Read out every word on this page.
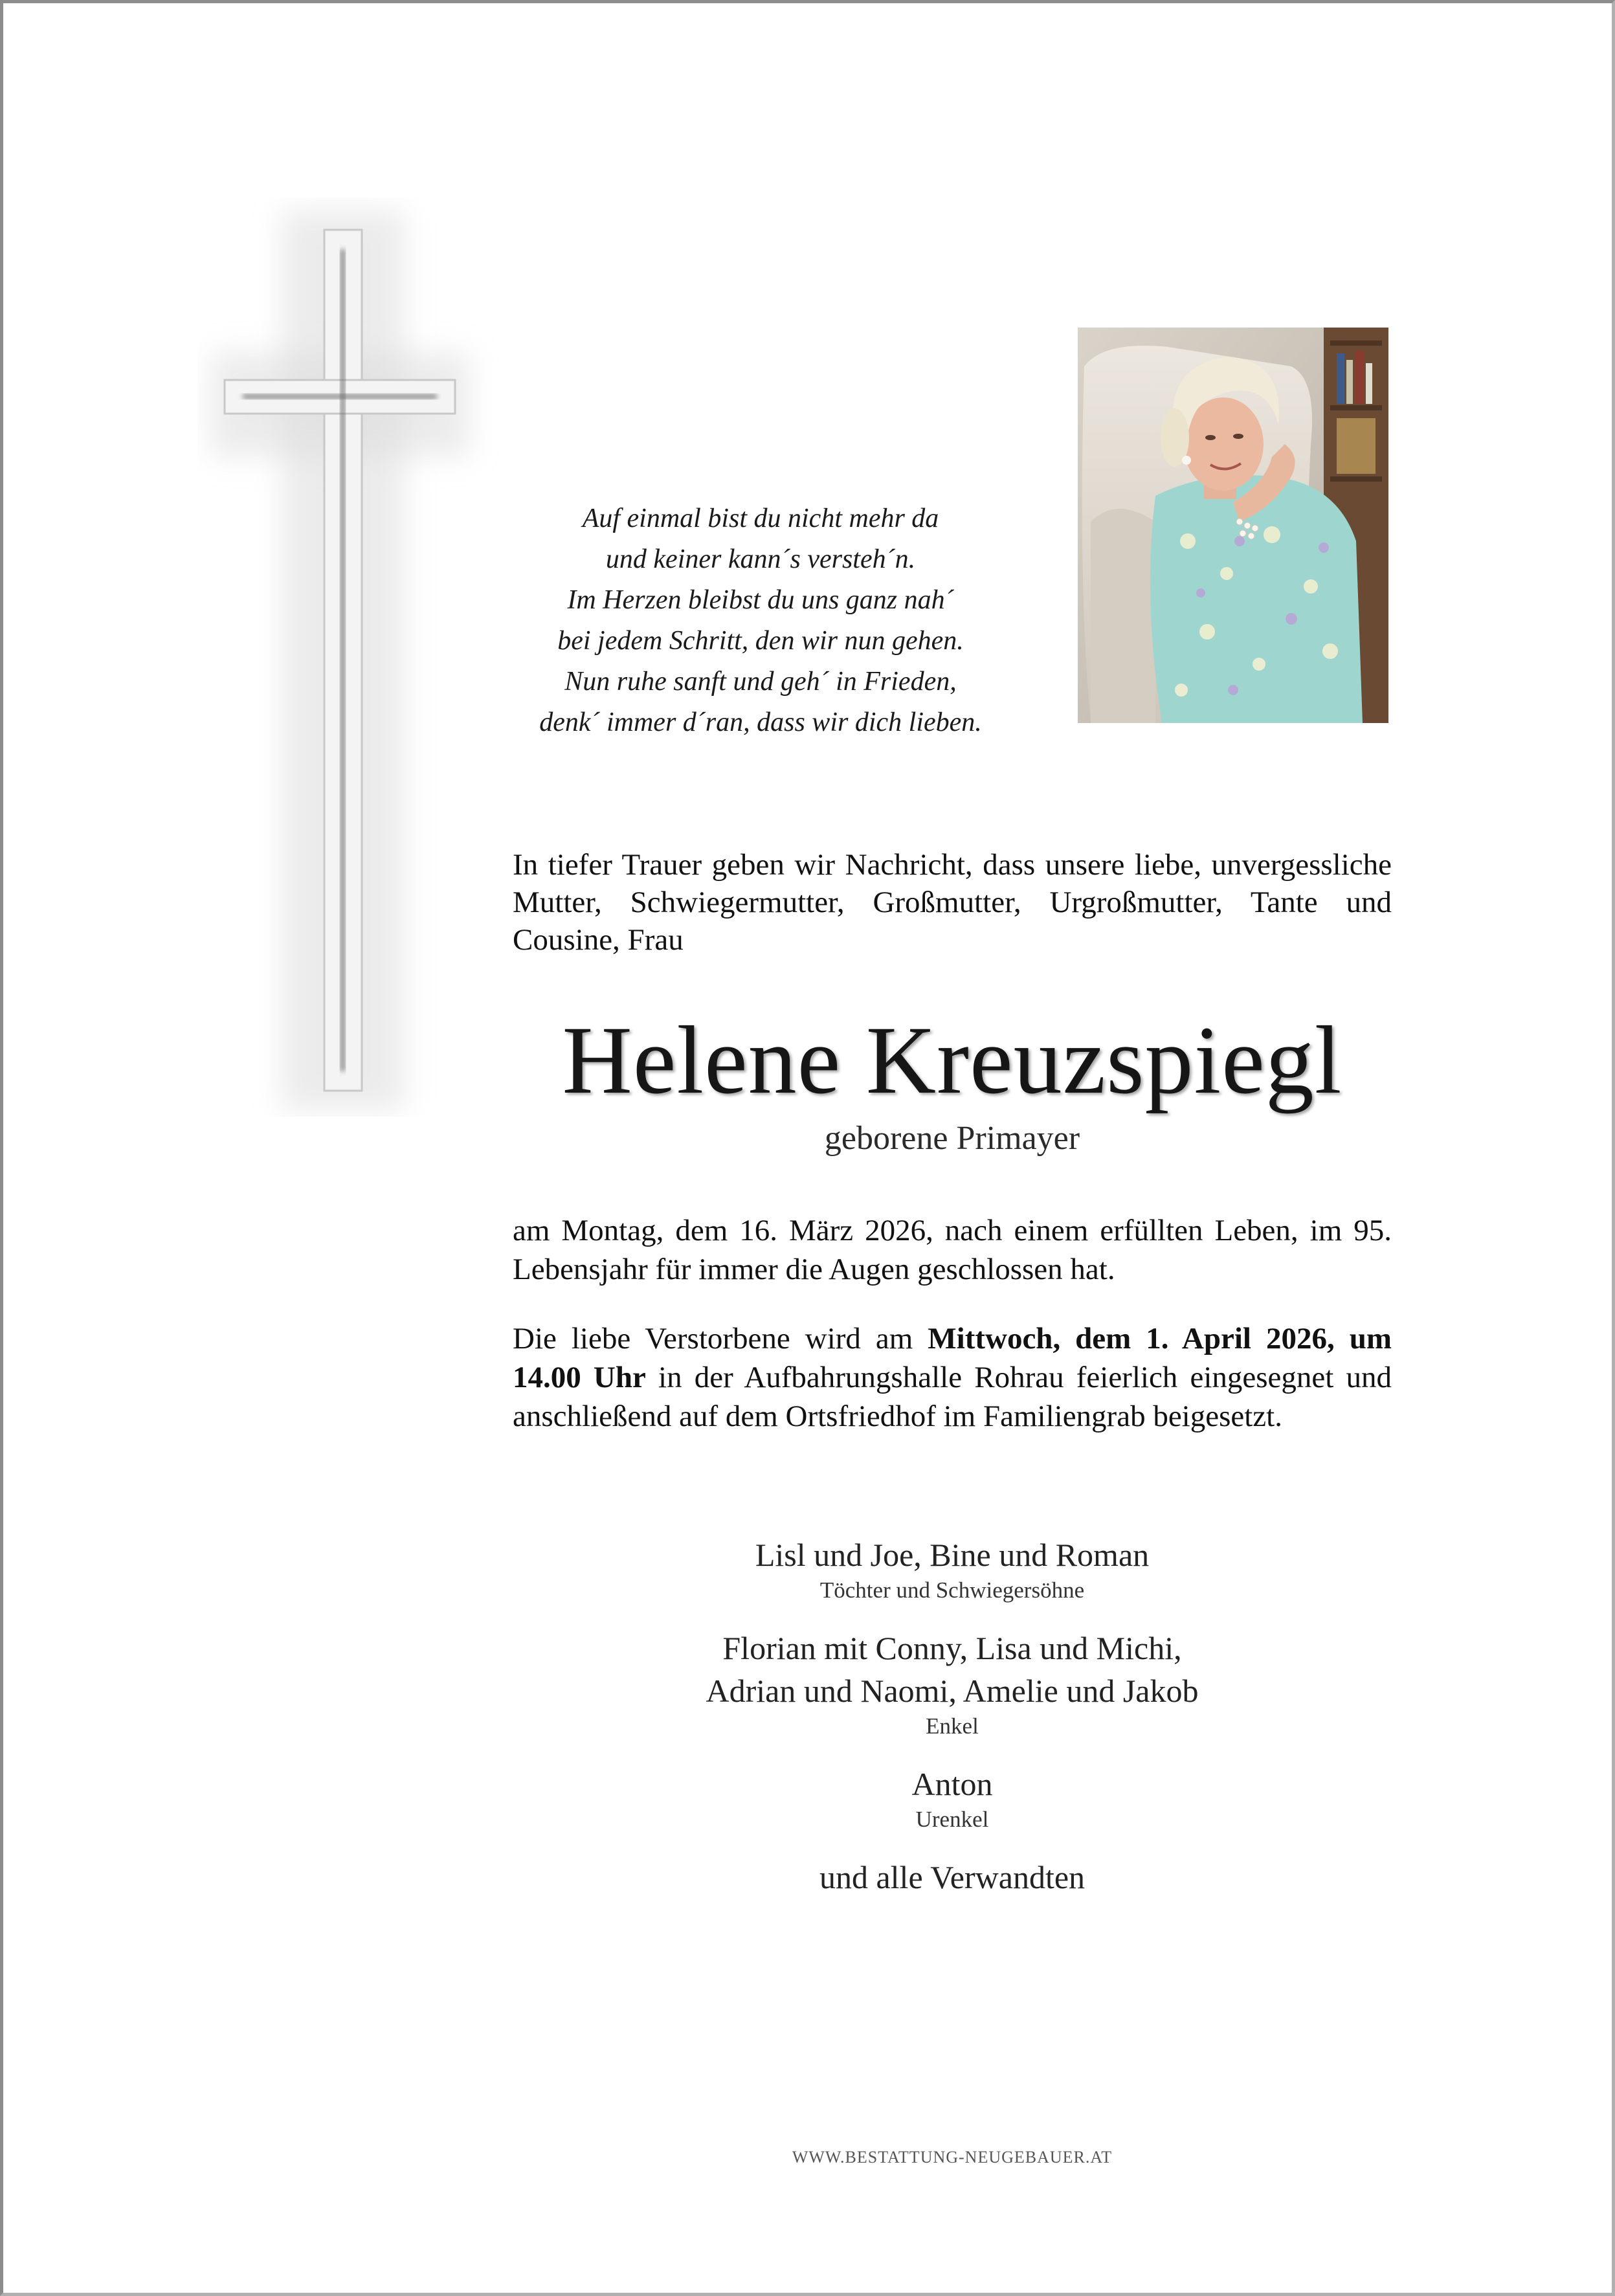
Auf einmal bist du nicht mehr da
und keiner kann´s versteh´n.
Im Herzen bleibst du uns ganz nah´
bei jedem Schritt, den wir nun gehen.
Nun ruhe sanft und geh´ in Frieden,
denk´ immer d´ran, dass wir dich lieben.
In tiefer Trauer geben wir Nachricht, dass unsere liebe, unvergessliche Mutter, Schwiegermutter, Großmutter, Urgroßmutter, Tante und Cousine, Frau
Helene Kreuzspiegl
geborene Primayer
am Montag, dem 16. März 2026, nach einem erfüllten Leben, im 95. Lebensjahr für immer die Augen geschlossen hat.
Die liebe Verstorbene wird am Mittwoch, dem 1. April 2026, um 14.00 Uhr in der Aufbahrungshalle Rohrau feierlich eingesegnet und anschließend auf dem Ortsfriedhof im Familiengrab beigesetzt.
Lisl und Joe, Bine und Roman
Töchter und Schwiegersöhne
Florian mit Conny, Lisa und Michi,
Adrian und Naomi, Amelie und Jakob
Enkel
Anton
Urenkel
und alle Verwandten
WWW.BESTATTUNG-NEUGEBAUER.AT
